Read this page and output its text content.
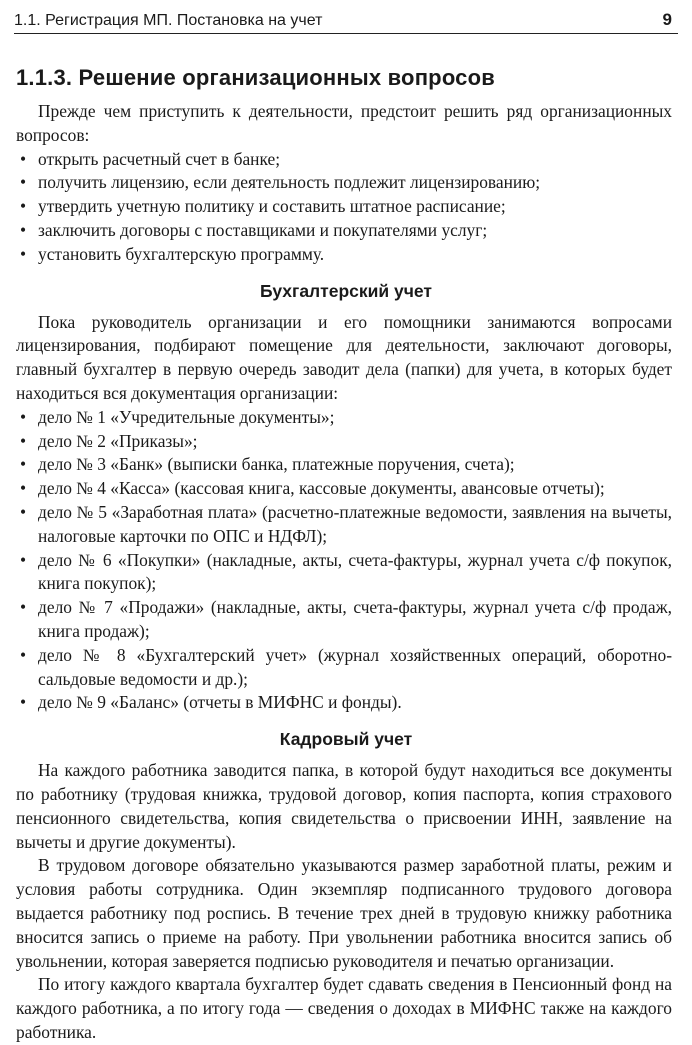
1.1. Регистрация МП. Постановка на учет	9
1.1.3. Решение организационных вопросов

Прежде чем приступить к деятельности, предстоит решить ряд организационных вопросов:

• открыть расчетный счет в банке;
• получить лицензию, если деятельность подлежит лицензированию;
• утвердить учетную политику и составить штатное расписание;
• заключить договоры с поставщиками и покупателями услуг;
• установить бухгалтерскую программу.
Бухгалтерский учет

Пока руководитель организации и его помощники занимаются вопросами лицензирования, подбирают помещение для деятельности, заключают договоры, главный бухгалтер в первую очередь заводит дела (папки) для учета, в которых будет находиться вся документация организации:

• дело № 1 «Учредительные документы»;
• дело № 2 «Приказы»;
• дело № 3 «Банк» (выписки банка, платежные поручения, счета);
• дело № 4 «Касса» (кассовая книга, кассовые документы, авансовые отчеты);
• дело № 5 «Заработная плата» (расчетно-платежные ведомости, заявления на вычеты, налоговые карточки по ОПС и НДФЛ);
• дело № 6 «Покупки» (накладные, акты, счета-фактуры, журнал учета с/ф покупок, книга покупок);
• дело № 7 «Продажи» (накладные, акты, счета-фактуры, журнал учета с/ф продаж, книга продаж);
• дело № 8 «Бухгалтерский учет» (журнал хозяйственных операций, оборотно-сальдовые ведомости и др.);
• дело № 9 «Баланс» (отчеты в МИФНС и фонды).
Кадровый учет

На каждого работника заводится папка, в которой будут находиться все документы по работнику (трудовая книжка, трудовой договор, копия паспорта, копия страхового пенсионного свидетельства, копия свидетельства о присвоении ИНН, заявление на вычеты и другие документы).

В трудовом договоре обязательно указываются размер заработной платы, режим и условия работы сотрудника. Один экземпляр подписанного трудового договора выдается работнику под роспись. В течение трех дней в трудовую книжку работника вносится запись о приеме на работу. При увольнении работника вносится запись об увольнении, которая заверяется подписью руководителя и печатью организации.

По итогу каждого квартала бухгалтер будет сдавать сведения в Пенсионный фонд на каждого работника, а по итогу года — сведения о доходах в МИФНС также на каждого работника.
